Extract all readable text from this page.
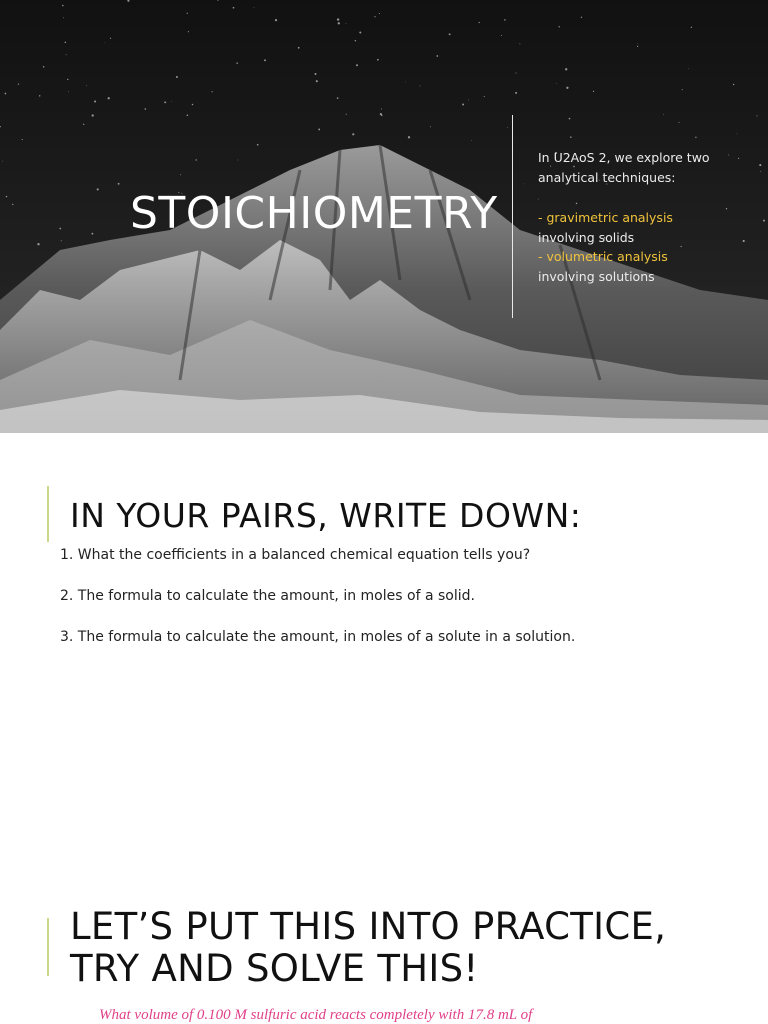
STOICHIOMETRY

In U2AoS 2, we explore two analytical techniques:

- gravimetric analysis

involving solids

- volumetric analysis

involving solutions

IN YOUR PAIRS, WRITE DOWN:
1. What the coefficients in a balanced chemical equation tells you?
2. The formula to calculate the amount, in moles of a solid.
3. The formula to calculate the amount, in moles of a solute in a solution.
LET’S PUT THIS INTO PRACTICE,
TRY AND SOLVE THIS!

What volume of 0.100 M sulfuric acid reacts completely with 17.8 mL of
